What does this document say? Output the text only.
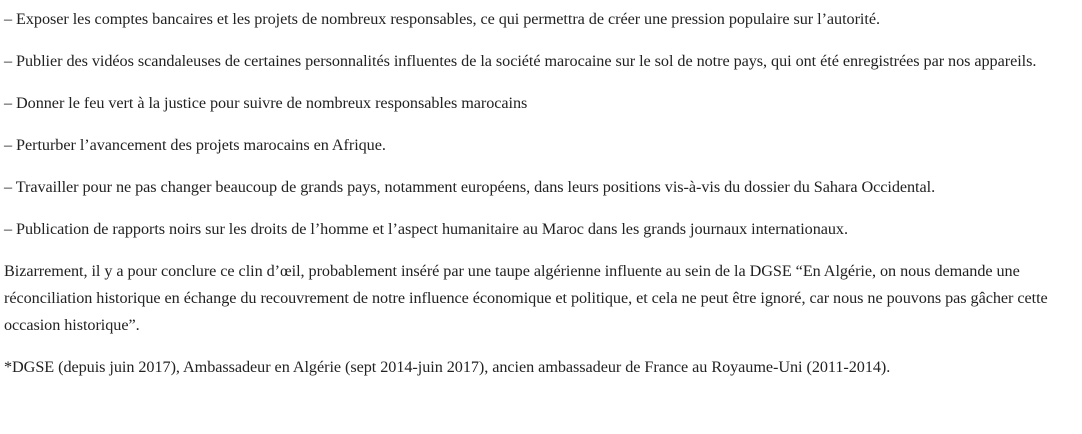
– Exposer les comptes bancaires et les projets de nombreux responsables, ce qui permettra de créer une pression populaire sur l’autorité.

– Publier des vidéos scandaleuses de certaines personnalités influentes de la société marocaine sur le sol de notre pays, qui ont été enregistrées par nos appareils.

– Donner le feu vert à la justice pour suivre de nombreux responsables marocains

– Perturber l’avancement des projets marocains en Afrique.

– Travailler pour ne pas changer beaucoup de grands pays, notamment européens, dans leurs positions vis-à-vis du dossier du Sahara Occidental.

– Publication de rapports noirs sur les droits de l’homme et l’aspect humanitaire au Maroc dans les grands journaux internationaux.

Bizarrement, il y a pour conclure ce clin d’œil, probablement inséré par une taupe algérienne influente au sein de la DGSE “En Algérie, on nous demande une réconciliation historique en échange du recouvrement de notre influence économique et politique, et cela ne peut être ignoré, car nous ne pouvons pas gâcher cette occasion historique”.

*DGSE (depuis juin 2017), Ambassadeur en Algérie (sept 2014-juin 2017), ancien ambassadeur de France au Royaume-Uni (2011-2014).
